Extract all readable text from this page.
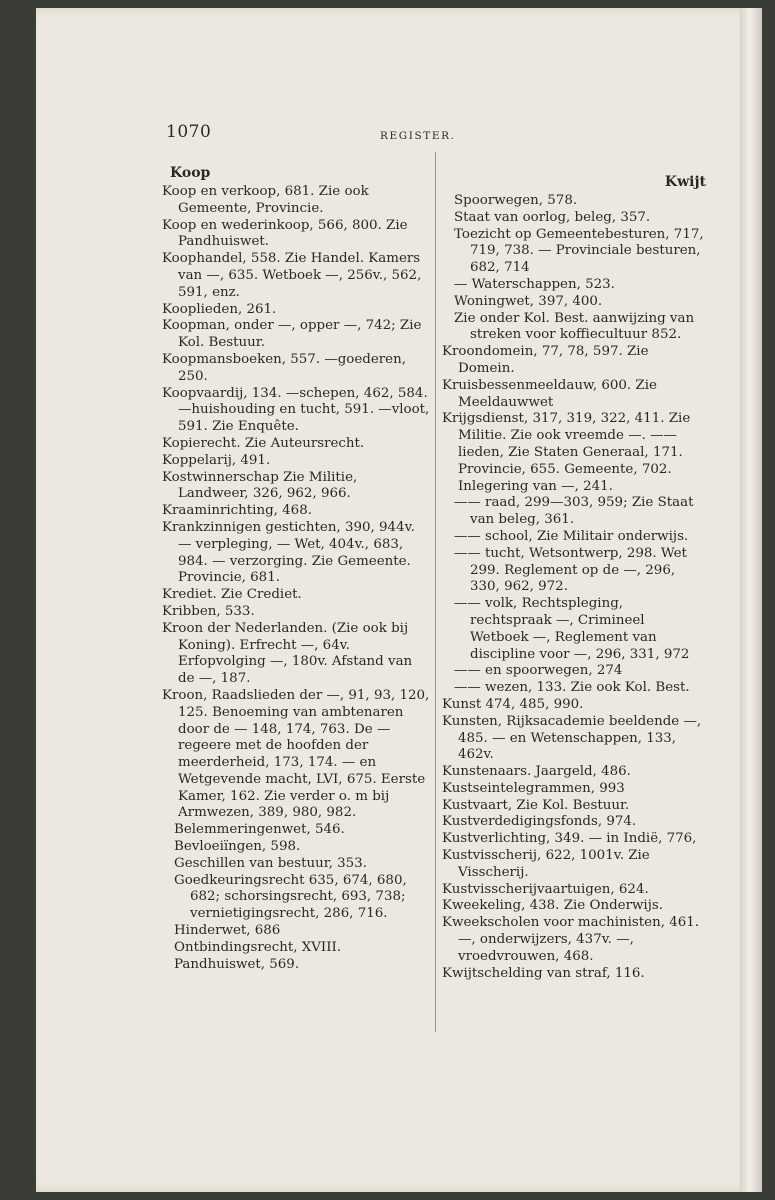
1070	REGISTER.
Koop

Koop en verkoop, 681. Zie ook Gemeente, Provincie.

Koop en wederinkoop, 566, 800. Zie Pandhuiswet.

Koophandel, 558. Zie Handel. Kamers van —, 635. Wetboek —, 256v., 562, 591, enz.

Kooplieden, 261.

Koopman, onder —, opper —, 742; Zie Kol. Bestuur.

Koopmansboeken, 557. —goederen, 250.

Koopvaardij, 134. —schepen, 462, 584. —huishouding en tucht, 591. —vloot, 591. Zie Enquête.

Kopierecht. Zie Auteursrecht.

Koppelarij, 491.

Kostwinnerschap Zie Militie, Landweer, 326, 962, 966.

Kraaminrichting, 468.

Krankzinnigen gestichten, 390, 944v. — verpleging, — Wet, 404v., 683, 984. — verzorging. Zie Gemeente. Provincie, 681.

Krediet. Zie Crediet.

Kribben, 533.

Kroon der Nederlanden. (Zie ook bij Koning). Erfrecht —, 64v. Erfopvolging —, 180v. Afstand van de —, 187.

Kroon, Raadslieden der —, 91, 93, 120, 125. Benoeming van ambtenaren door de — 148, 174, 763. De — regeere met de hoofden der meerderheid, 173, 174. — en Wetgevende macht, LVI, 675. Eerste Kamer, 162. Zie verder o. m bij Armwezen, 389, 980, 982.

Belemmeringenwet, 546.

Bevloeiïngen, 598.

Geschillen van bestuur, 353.

Goedkeuringsrecht 635, 674, 680, 682; schorsingsrecht, 693, 738; vernietigingsrecht, 286, 716.

Hinderwet, 686

Ontbindingsrecht, XVIII.

Pandhuiswet, 569.

Kwijt

Spoorwegen, 578.

Staat van oorlog, beleg, 357.

Toezicht op Gemeentebesturen, 717, 719, 738. — Provinciale besturen, 682, 714

— Waterschappen, 523.

Woningwet, 397, 400.

Zie onder Kol. Best. aanwijzing van streken voor koffiecultuur 852.

Kroondomein, 77, 78, 597. Zie Domein.

Kruisbessenmeeldauw, 600. Zie Meeldauwwet

Krijgsdienst, 317, 319, 322, 411. Zie Militie. Zie ook vreemde —. —— lieden, Zie Staten Generaal, 171. Provincie, 655. Gemeente, 702. Inlegering van —, 241.

—— raad, 299—303, 959; Zie Staat van beleg, 361.

—— school, Zie Militair onderwijs.

—— tucht, Wetsontwerp, 298. Wet 299. Reglement op de —, 296, 330, 962, 972.

—— volk, Rechtspleging, rechtspraak —, Crimineel Wetboek —, Reglement van discipline voor —, 296, 331, 972

—— en spoorwegen, 274

—— wezen, 133. Zie ook Kol. Best.

Kunst 474, 485, 990.

Kunsten, Rijksacademie beeldende —, 485. — en Wetenschappen, 133, 462v.

Kunstenaars. Jaargeld, 486.

Kustseintelegrammen, 993

Kustvaart, Zie Kol. Bestuur.

Kustverdedigingsfonds, 974.

Kustverlichting, 349. — in Indië, 776,

Kustvisscherij, 622, 1001v. Zie Visscherij.

Kustvisscherijvaartuigen, 624.

Kweekeling, 438. Zie Onderwijs.

Kweekscholen voor machinisten, 461. —, onderwijzers, 437v. —, vroedvrouwen, 468.

Kwijtschelding van straf, 116.
